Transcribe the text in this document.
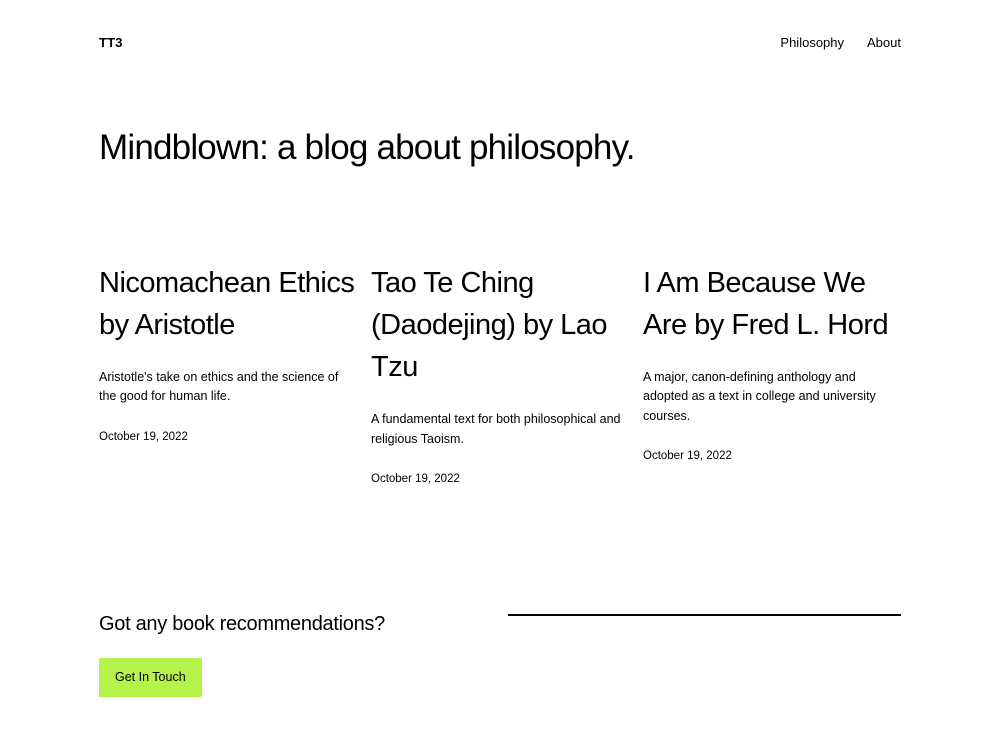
TT3	Philosophy About
Mindblown: a blog about philosophy.
Nicomachean Ethics by Aristotle

Aristotle's take on ethics and the science of the good for human life.

October 19, 2022
Tao Te Ching (Daodejing) by Lao Tzu

A fundamental text for both philosophical and religious Taoism.

October 19, 2022
I Am Because We Are by Fred L. Hord

A major, canon-defining anthology and adopted as a text in college and university courses.

October 19, 2022
Got any book recommendations?
Get In Touch
